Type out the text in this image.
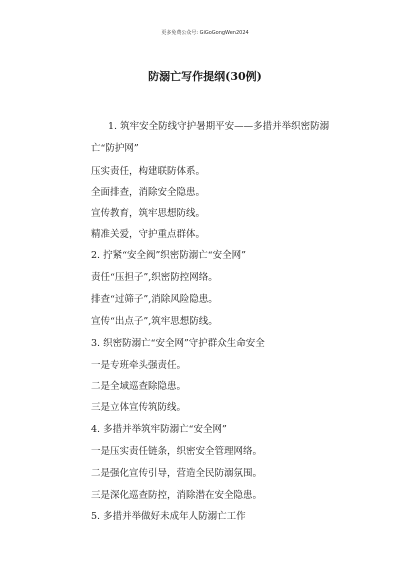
更多免费公众号: GiGoGongWen2024
防溺亡写作提纲(30例)
1. 筑牢安全防线守护暑期平安——多措并举织密防溺
亡“防护网”
压实责任，构建联防体系。
全面排查，消除安全隐患。
宣传教育，筑牢思想防线。
精准关爱，守护重点群体。
2. 拧紧“安全阀”织密防溺亡“安全网”
责任“压担子”,织密防控网络。
排查“过筛子”,消除风险隐患。
宣传“出点子”,筑牢思想防线。
3. 织密防溺亡“安全网”守护群众生命安全
一是专班牵头强责任。
二是全域巡查除隐患。
三是立体宣传筑防线。
4. 多措并举筑牢防溺亡“安全网”
一是压实责任链条，织密安全管理网络。
二是强化宣传引导，营造全民防溺氛围。
三是深化巡查防控，消除潜在安全隐患。
5. 多措并举做好未成年人防溺亡工作
